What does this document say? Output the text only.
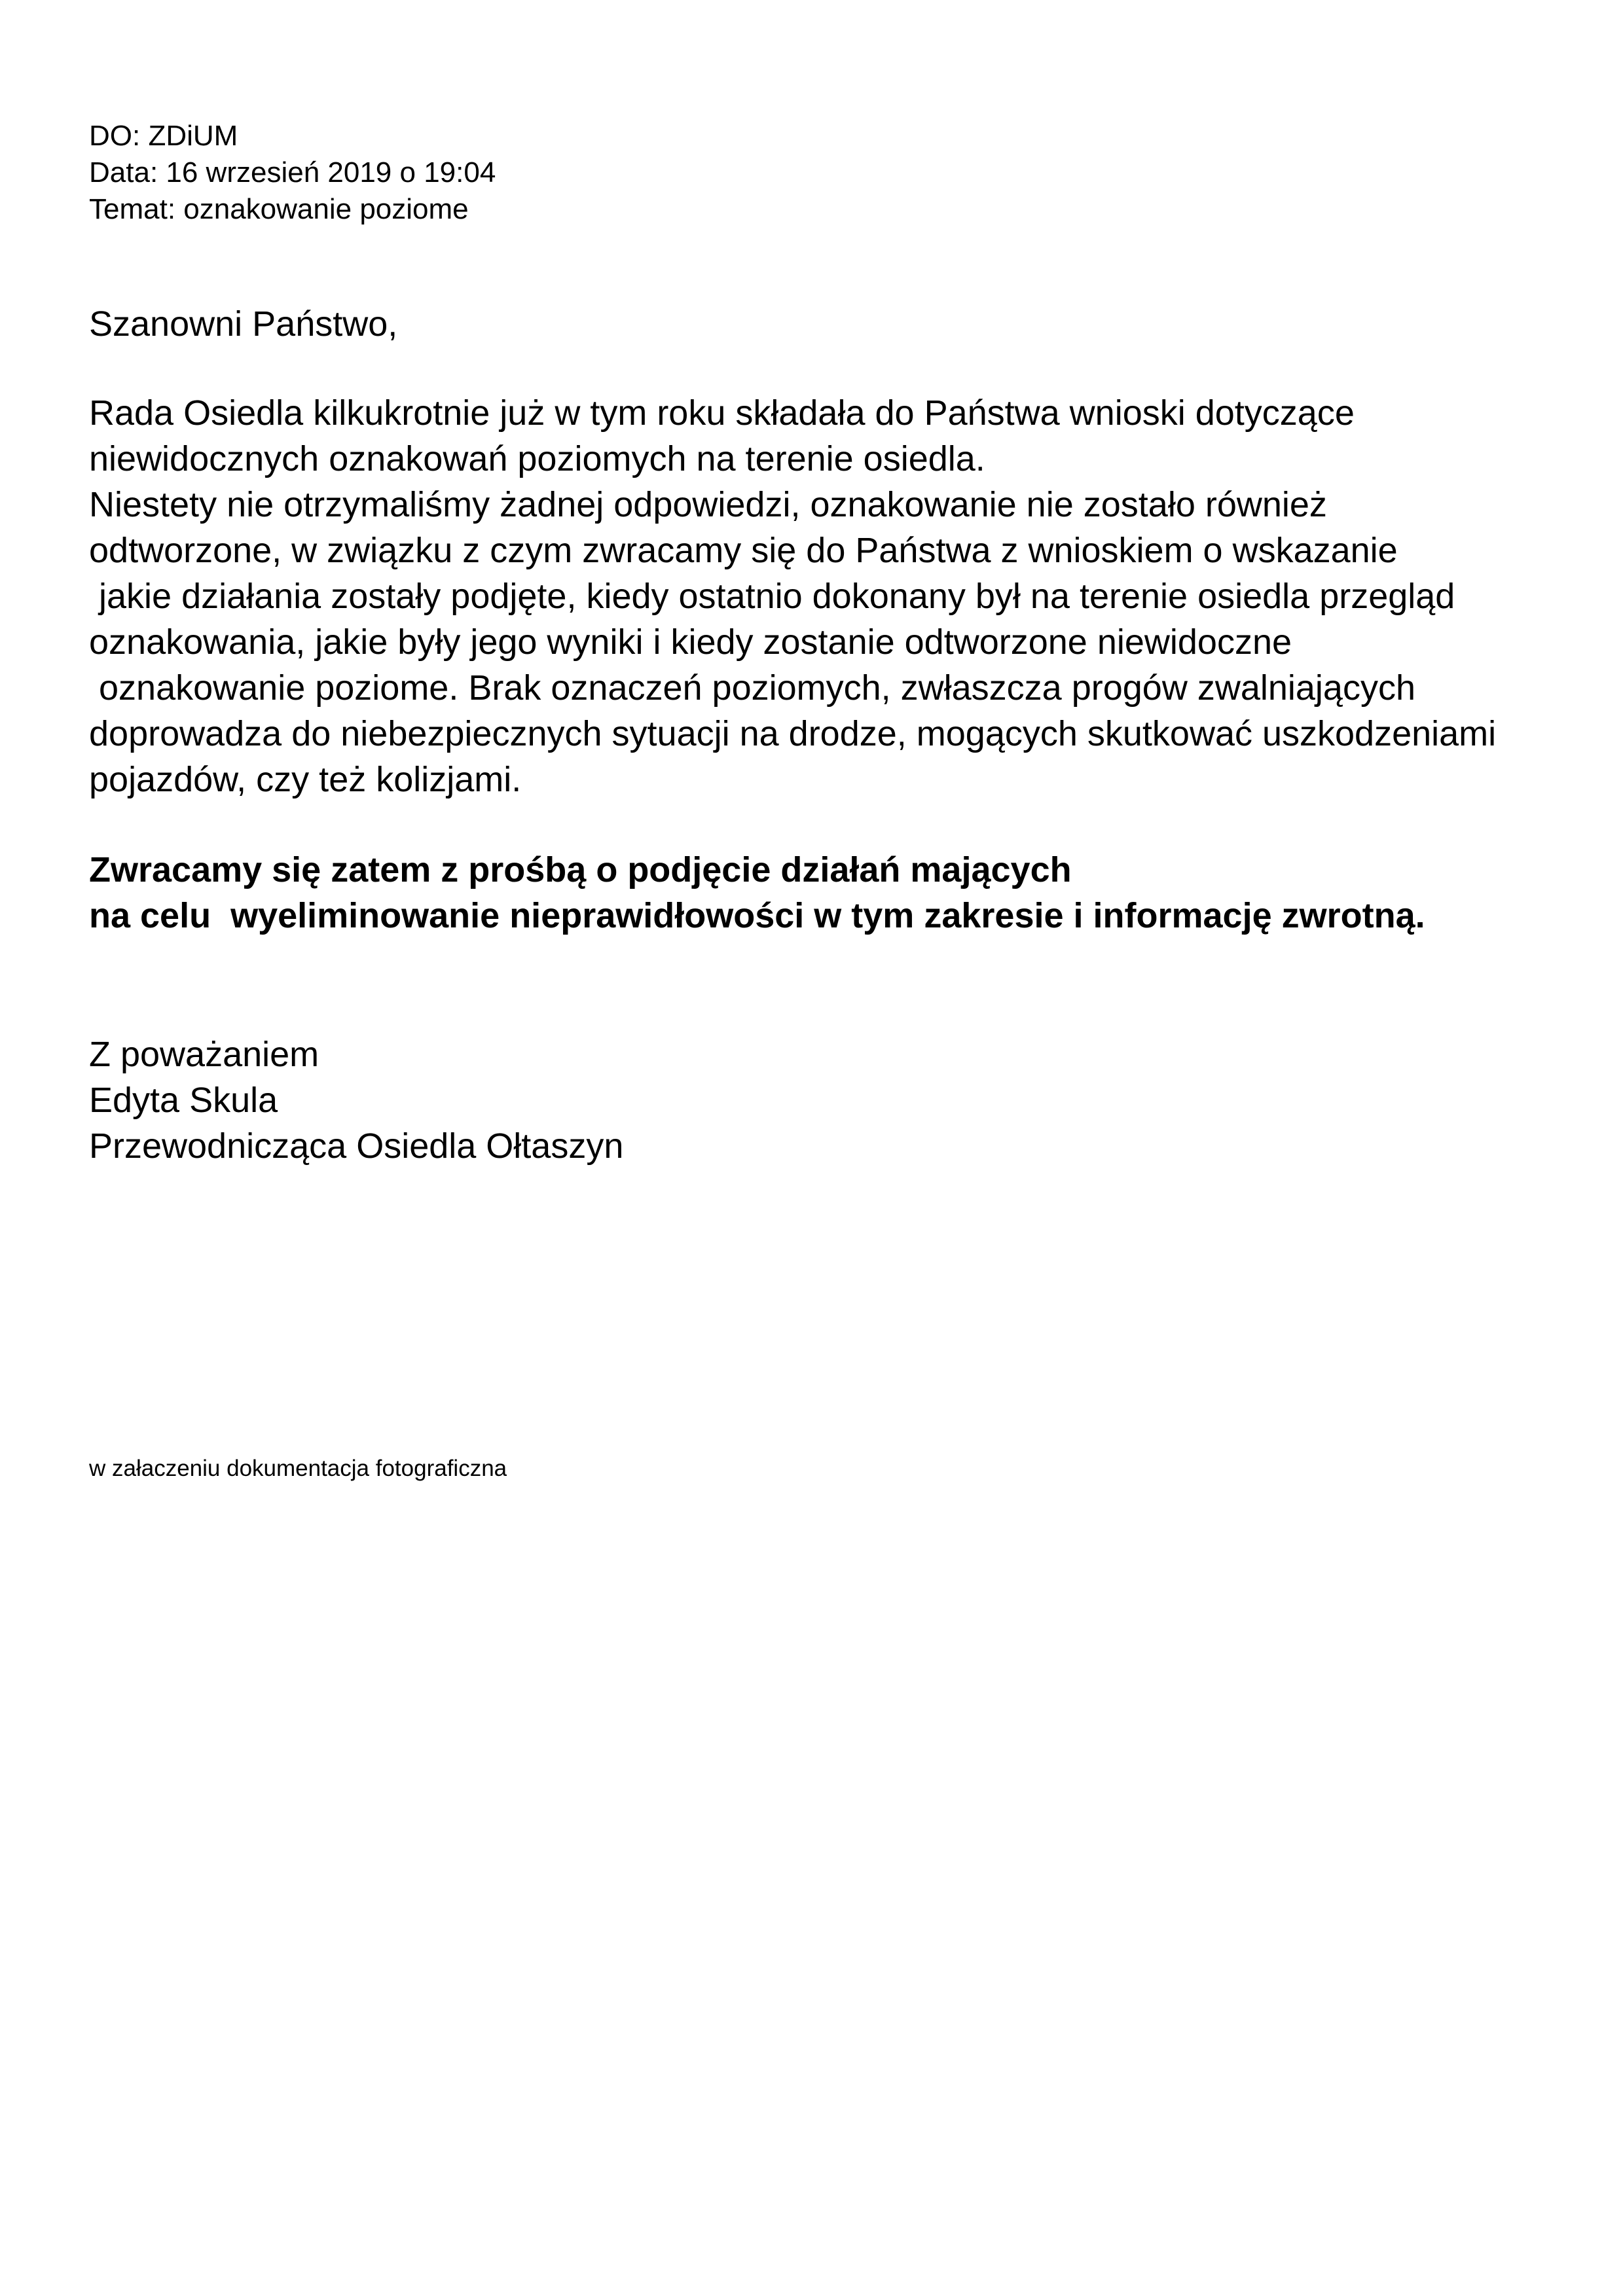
DO: ZDiUM
Data: 16 wrzesień 2019 o 19:04
Temat: oznakowanie poziome
Szanowni Państwo,
Rada Osiedla kilkukrotnie już w tym roku składała do Państwa wnioski dotyczące
niewidocznych oznakowań poziomych na terenie osiedla.
Niestety nie otrzymaliśmy żadnej odpowiedzi, oznakowanie nie zostało również
odtworzone, w związku z czym zwracamy się do Państwa z wnioskiem o wskazanie
jakie działania zostały podjęte, kiedy ostatnio dokonany był na terenie osiedla przegląd
oznakowania, jakie były jego wyniki i kiedy zostanie odtworzone niewidoczne
oznakowanie poziome. Brak oznaczeń poziomych, zwłaszcza progów zwalniających
doprowadza do niebezpiecznych sytuacji na drodze, mogących skutkować uszkodzeniami
pojazdów, czy też kolizjami.
Zwracamy się zatem z prośbą o podjęcie działań mających
na celu  wyeliminowanie nieprawidłowości w tym zakresie i informację zwrotną.
Z poważaniem
Edyta Skula
Przewodnicząca Osiedla Ołtaszyn
w załaczeniu dokumentacja fotograficzna
